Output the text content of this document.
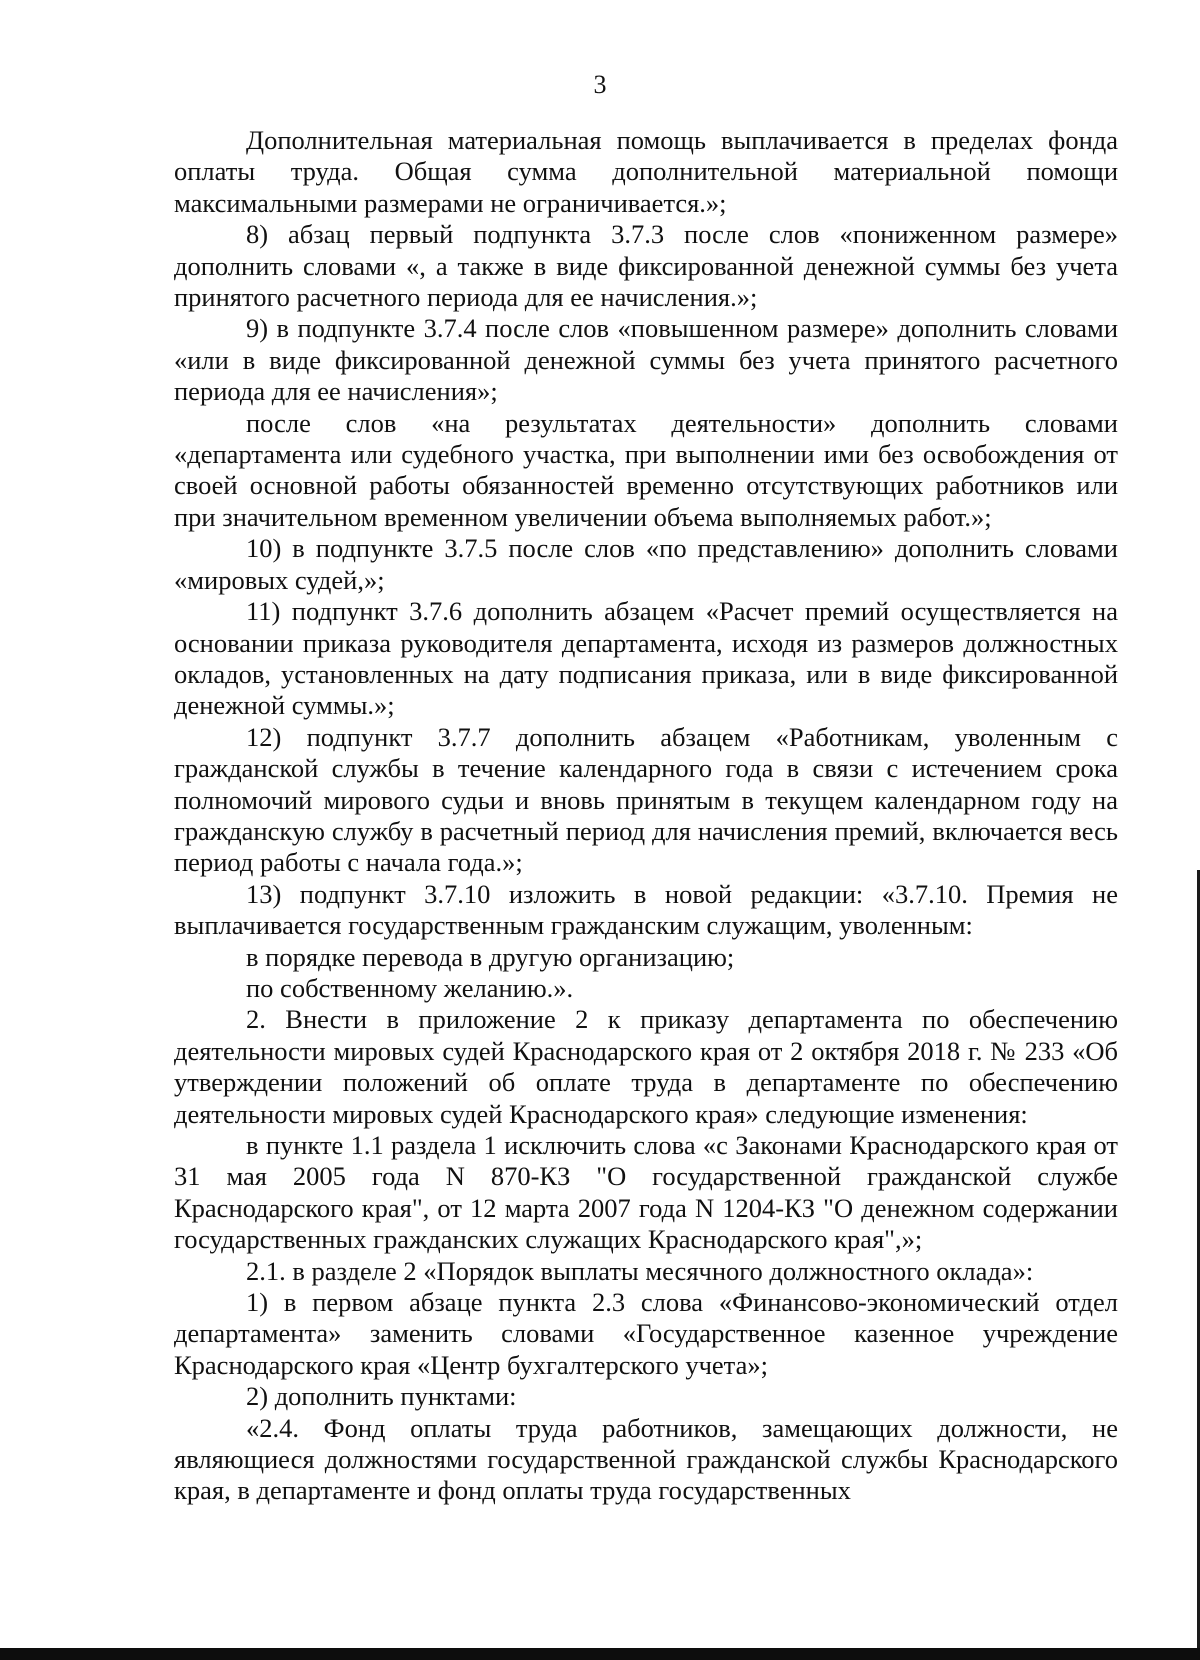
3

Дополнительная материальная помощь выплачивается в пределах фонда оплаты труда. Общая сумма дополнительной материальной помощи максимальными размерами не ограничивается.»;

8) абзац первый подпункта 3.7.3 после слов «пониженном размере» дополнить словами «, а также в виде фиксированной денежной суммы без учета принятого расчетного периода для ее начисления.»;

9) в подпункте 3.7.4 после слов «повышенном размере» дополнить словами «или в виде фиксированной денежной суммы без учета принятого расчетного периода для ее начисления»;

после слов «на результатах деятельности» дополнить словами «департамента или судебного участка, при выполнении ими без освобождения от своей основной работы обязанностей временно отсутствующих работников или при значительном временном увеличении объема выполняемых работ.»;

10) в подпункте 3.7.5 после слов «по представлению» дополнить словами «мировых судей,»;

11) подпункт 3.7.6 дополнить абзацем «Расчет премий осуществляется на основании приказа руководителя департамента, исходя из размеров должностных окладов, установленных на дату подписания приказа, или в виде фиксированной денежной суммы.»;

12) подпункт 3.7.7 дополнить абзацем «Работникам, уволенным с гражданской службы в течение календарного года в связи с истечением срока полномочий мирового судьи и вновь принятым в текущем календарном году на гражданскую службу в расчетный период для начисления премий, включается весь период работы с начала года.»;

13) подпункт 3.7.10 изложить в новой редакции: «3.7.10. Премия не выплачивается государственным гражданским служащим, уволенным:

в порядке перевода в другую организацию;

по собственному желанию.».

2. Внести в приложение 2 к приказу департамента по обеспечению деятельности мировых судей Краснодарского края от 2 октября 2018 г. № 233 «Об утверждении положений об оплате труда в департаменте по обеспечению деятельности мировых судей Краснодарского края» следующие изменения:

в пункте 1.1 раздела 1 исключить слова «с Законами Краснодарского края от 31 мая 2005 года N 870-КЗ "О государственной гражданской службе Краснодарского края", от 12 марта 2007 года N 1204-КЗ "О денежном содержании государственных гражданских служащих Краснодарского края",»;

2.1. в разделе 2 «Порядок выплаты месячного должностного оклада»:

1) в первом абзаце пункта 2.3 слова «Финансово-экономический отдел департамента» заменить словами «Государственное казенное учреждение Краснодарского края «Центр бухгалтерского учета»;

2) дополнить пунктами:

«2.4. Фонд оплаты труда работников, замещающих должности, не являющиеся должностями государственной гражданской службы Краснодарского края, в департаменте и фонд оплаты труда государственных
